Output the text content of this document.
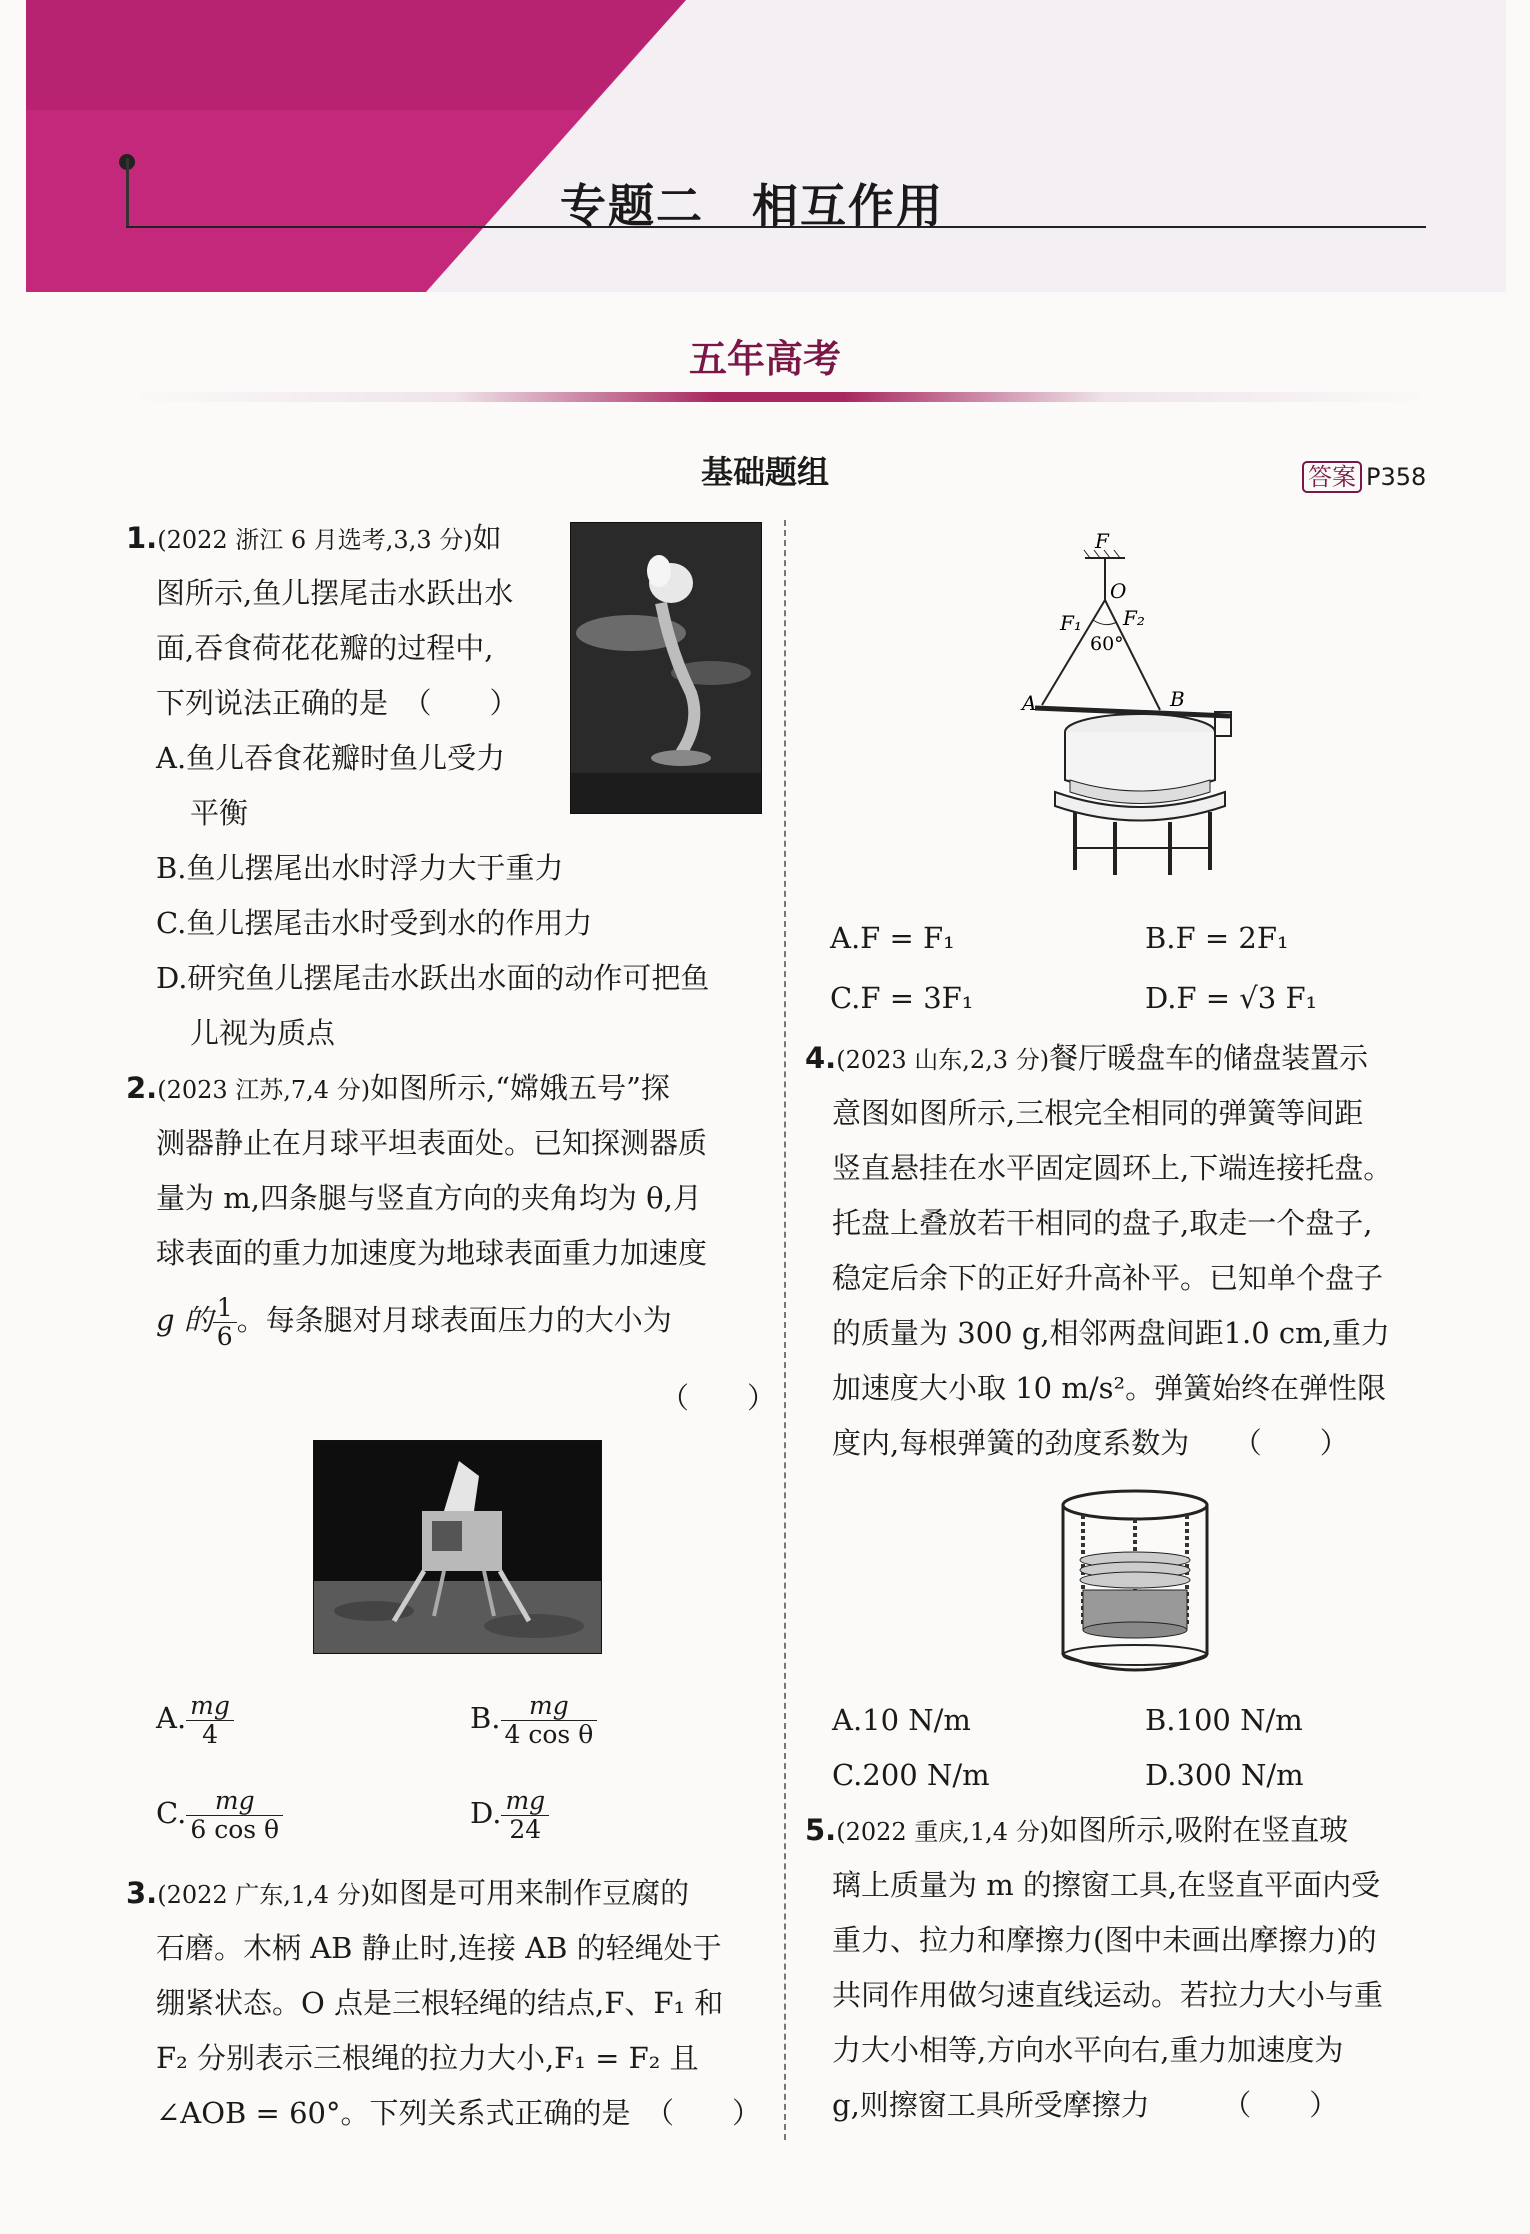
专题二　相互作用
五年高考
基础题组	答案 P358
1.(2022 浙江 6 月选考,3,3 分)如
图所示,鱼儿摆尾击水跃出水
面,吞食荷花花瓣的过程中,
下列说法正确的是　（　　）
A.鱼儿吞食花瓣时鱼儿受力
平衡
B.鱼儿摆尾出水时浮力大于重力
C.鱼儿摆尾击水时受到水的作用力
D.研究鱼儿摆尾击水跃出水面的动作可把鱼
儿视为质点
2.(2023 江苏,7,4 分)如图所示,“嫦娥五号”探
测器静止在月球平坦表面处。已知探测器质
量为 m,四条腿与竖直方向的夹角均为 θ,月
球表面的重力加速度为地球表面重力加速度
g 的 $\frac{1}{6}$ 。每条腿对月球表面压力的大小为
（　　）
A. $\frac{mg}{4}$	B. $\frac{mg}{\text{4 cos θ}}$
C. $\frac{mg}{\text{6 cos θ}}$	D. $\frac{mg}{24}$
3.(2022 广东,1,4 分)如图是可用来制作豆腐的
石磨。木柄 AB 静止时,连接 AB 的轻绳处于
绷紧状态。O 点是三根轻绳的结点,F、F₁ 和
F₂ 分别表示三根绳的拉力大小,F₁ = F₂ 且
∠AOB = 60°。下列关系式正确的是　（　　）
F
O
F₁ F₂
60°
A	B
A.F = F₁	B.F = 2F₁
C.F = 3F₁	D.F = √3 F₁
4.(2023 山东,2,3 分)餐厅暖盘车的储盘装置示
意图如图所示,三根完全相同的弹簧等间距
竖直悬挂在水平固定圆环上,下端连接托盘。
托盘上叠放若干相同的盘子,取走一个盘子,
稳定后余下的正好升高补平。已知单个盘子
的质量为 300 g,相邻两盘间距1.0 cm,重力
加速度大小取 10 m/s²。弹簧始终在弹性限
度内,每根弹簧的劲度系数为　　（　　）
A.10 N/m	B.100 N/m
C.200 N/m	D.300 N/m
5.(2022 重庆,1,4 分)如图所示,吸附在竖直玻
璃上质量为 m 的擦窗工具,在竖直平面内受
重力、拉力和摩擦力(图中未画出摩擦力)的
共同作用做匀速直线运动。若拉力大小与重
力大小相等,方向水平向右,重力加速度为
g,则擦窗工具所受摩擦力　　　（　　）
